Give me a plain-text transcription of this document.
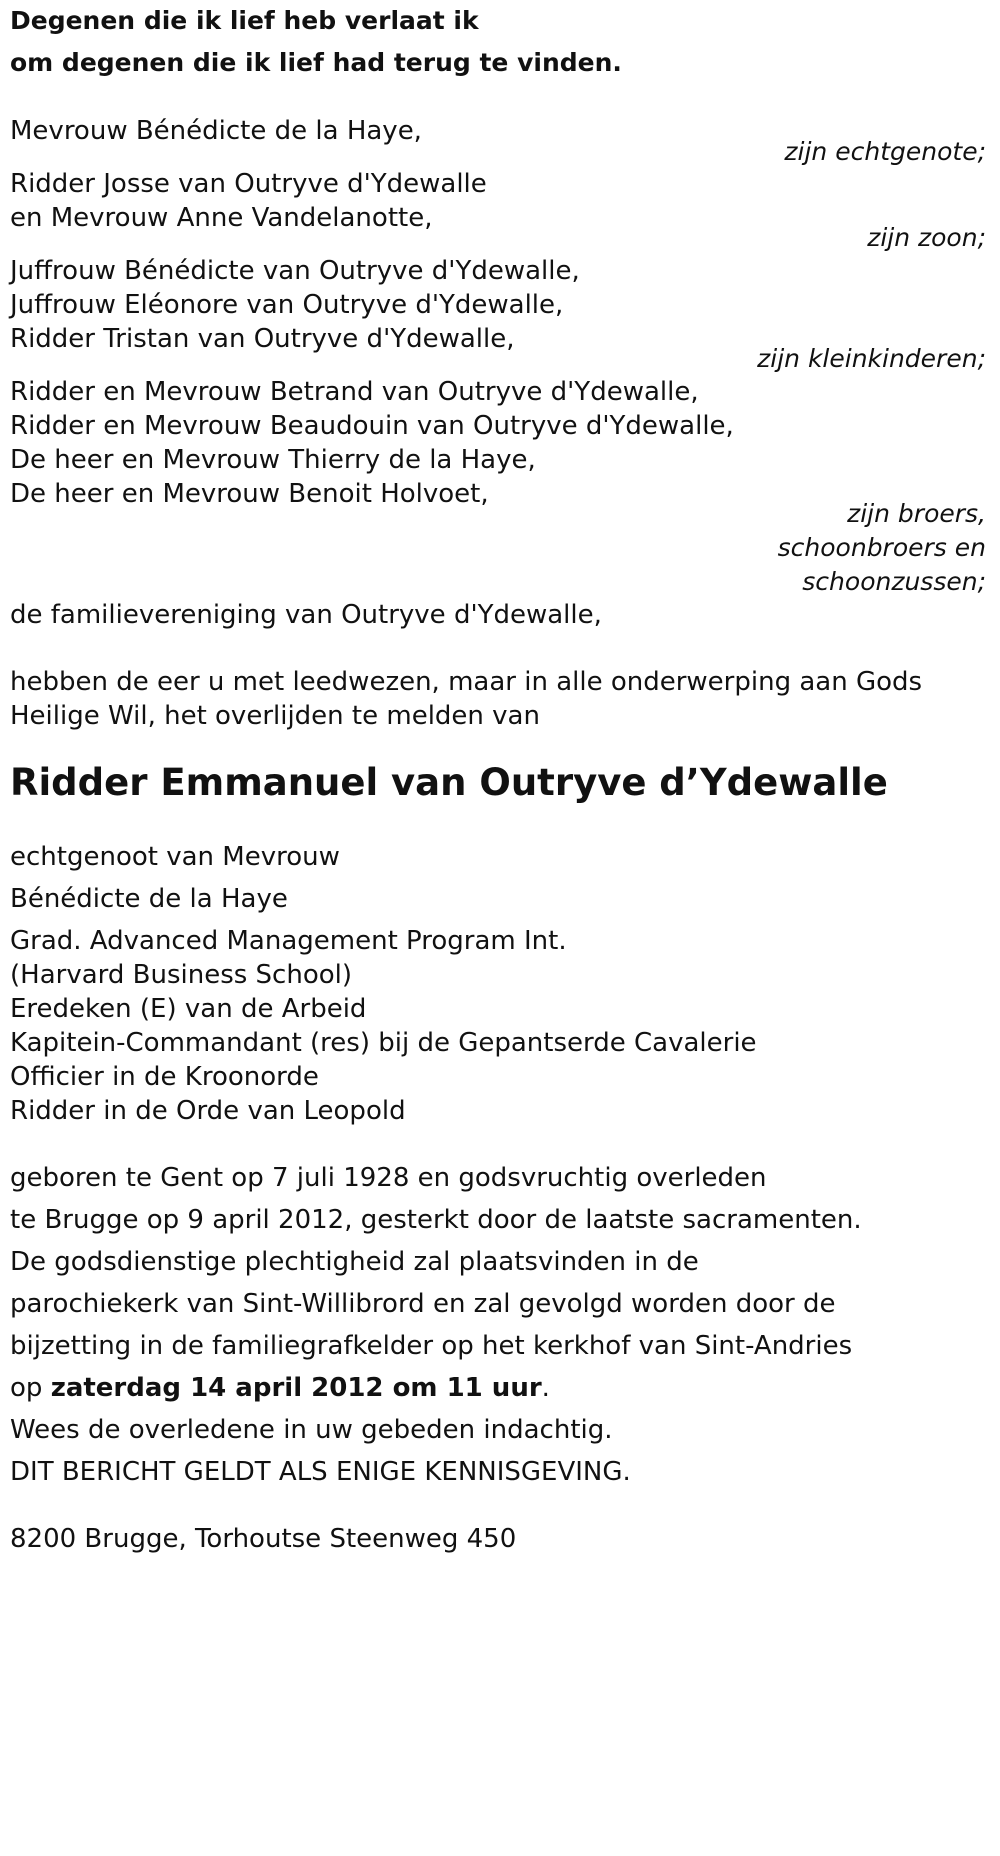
Degenen die ik lief heb verlaat ik
om degenen die ik lief had terug te vinden.
Mevrouw Bénédicte de la Haye,
zijn echtgenote;
Ridder Josse van Outryve d'Ydewalle
en Mevrouw Anne Vandelanotte,
zijn zoon;
Juffrouw Bénédicte van Outryve d'Ydewalle,
Juffrouw Eléonore van Outryve d'Ydewalle,
Ridder Tristan van Outryve d'Ydewalle,
zijn kleinkinderen;
Ridder en Mevrouw Betrand van Outryve d'Ydewalle,
Ridder en Mevrouw Beaudouin van Outryve d'Ydewalle,
De heer en Mevrouw Thierry de la Haye,
De heer en Mevrouw Benoit Holvoet,
zijn broers,
schoonbroers en
schoonzussen;
de familievereniging van Outryve d'Ydewalle,
hebben de eer u met leedwezen, maar in alle onderwerping aan Gods
Heilige Wil, het overlijden te melden van
Ridder Emmanuel van Outryve d’Ydewalle
echtgenoot van Mevrouw
Bénédicte de la Haye
Grad. Advanced Management Program Int.
(Harvard Business School)
Eredeken (E) van de Arbeid
Kapitein-Commandant (res) bij de Gepantserde Cavalerie
Officier in de Kroonorde
Ridder in de Orde van Leopold
geboren te Gent op 7 juli 1928 en godsvruchtig overleden
te Brugge op 9 april 2012, gesterkt door de laatste sacramenten.
De godsdienstige plechtigheid zal plaatsvinden in de
parochiekerk van Sint-Willibrord en zal gevolgd worden door de
bijzetting in de familiegrafkelder op het kerkhof van Sint-Andries
op zaterdag 14 april 2012 om 11 uur.
Wees de overledene in uw gebeden indachtig.
DIT BERICHT GELDT ALS ENIGE KENNISGEVING.
8200 Brugge, Torhoutse Steenweg 450
